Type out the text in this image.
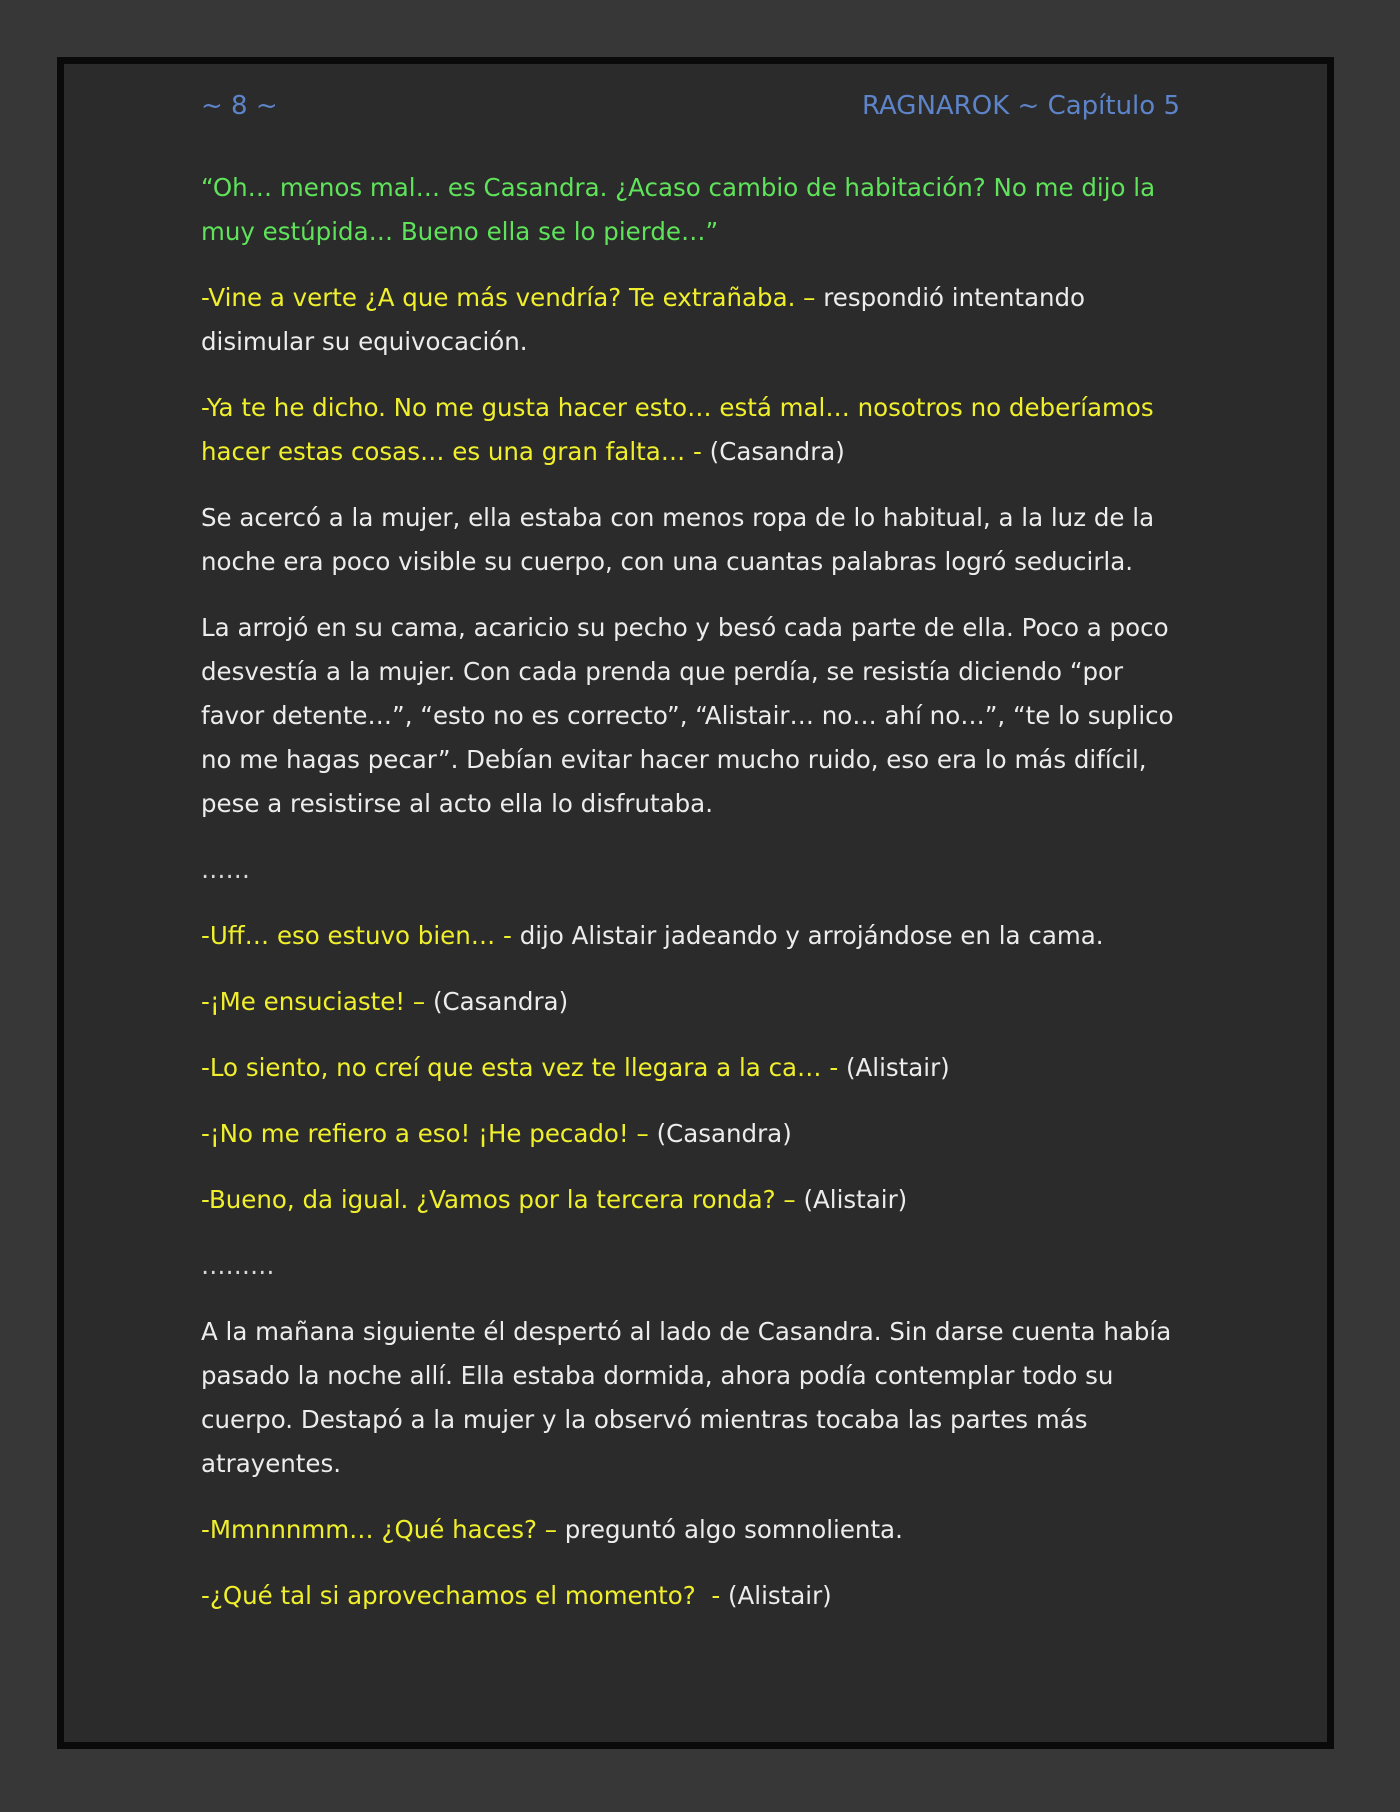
~ 8 ~	RAGNAROK ~ Capítulo 5

“Oh… menos mal… es Casandra. ¿Acaso cambio de habitación? No me dijo la
muy estúpida… Bueno ella se lo pierde…”

-Vine a verte ¿A que más vendría? Te extrañaba. – respondió intentando
disimular su equivocación.

-Ya te he dicho. No me gusta hacer esto… está mal… nosotros no deberíamos
hacer estas cosas… es una gran falta… - (Casandra)

Se acercó a la mujer, ella estaba con menos ropa de lo habitual, a la luz de la
noche era poco visible su cuerpo, con una cuantas palabras logró seducirla.

La arrojó en su cama, acaricio su pecho y besó cada parte de ella. Poco a poco
desvestía a la mujer. Con cada prenda que perdía, se resistía diciendo “por
favor detente…”, “esto no es correcto”, “Alistair… no… ahí no…”, “te lo suplico
no me hagas pecar”. Debían evitar hacer mucho ruido, eso era lo más difícil,
pese a resistirse al acto ella lo disfrutaba.

……

-Uff… eso estuvo bien… - dijo Alistair jadeando y arrojándose en la cama.

-¡Me ensuciaste! – (Casandra)

-Lo siento, no creí que esta vez te llegara a la ca… - (Alistair)

-¡No me refiero a eso! ¡He pecado! – (Casandra)

-Bueno, da igual. ¿Vamos por la tercera ronda? – (Alistair)

………

A la mañana siguiente él despertó al lado de Casandra. Sin darse cuenta había
pasado la noche allí. Ella estaba dormida, ahora podía contemplar todo su
cuerpo. Destapó a la mujer y la observó mientras tocaba las partes más
atrayentes.

-Mmnnnmm… ¿Qué haces? – preguntó algo somnolienta.

-¿Qué tal si aprovechamos el momento?  - (Alistair)
